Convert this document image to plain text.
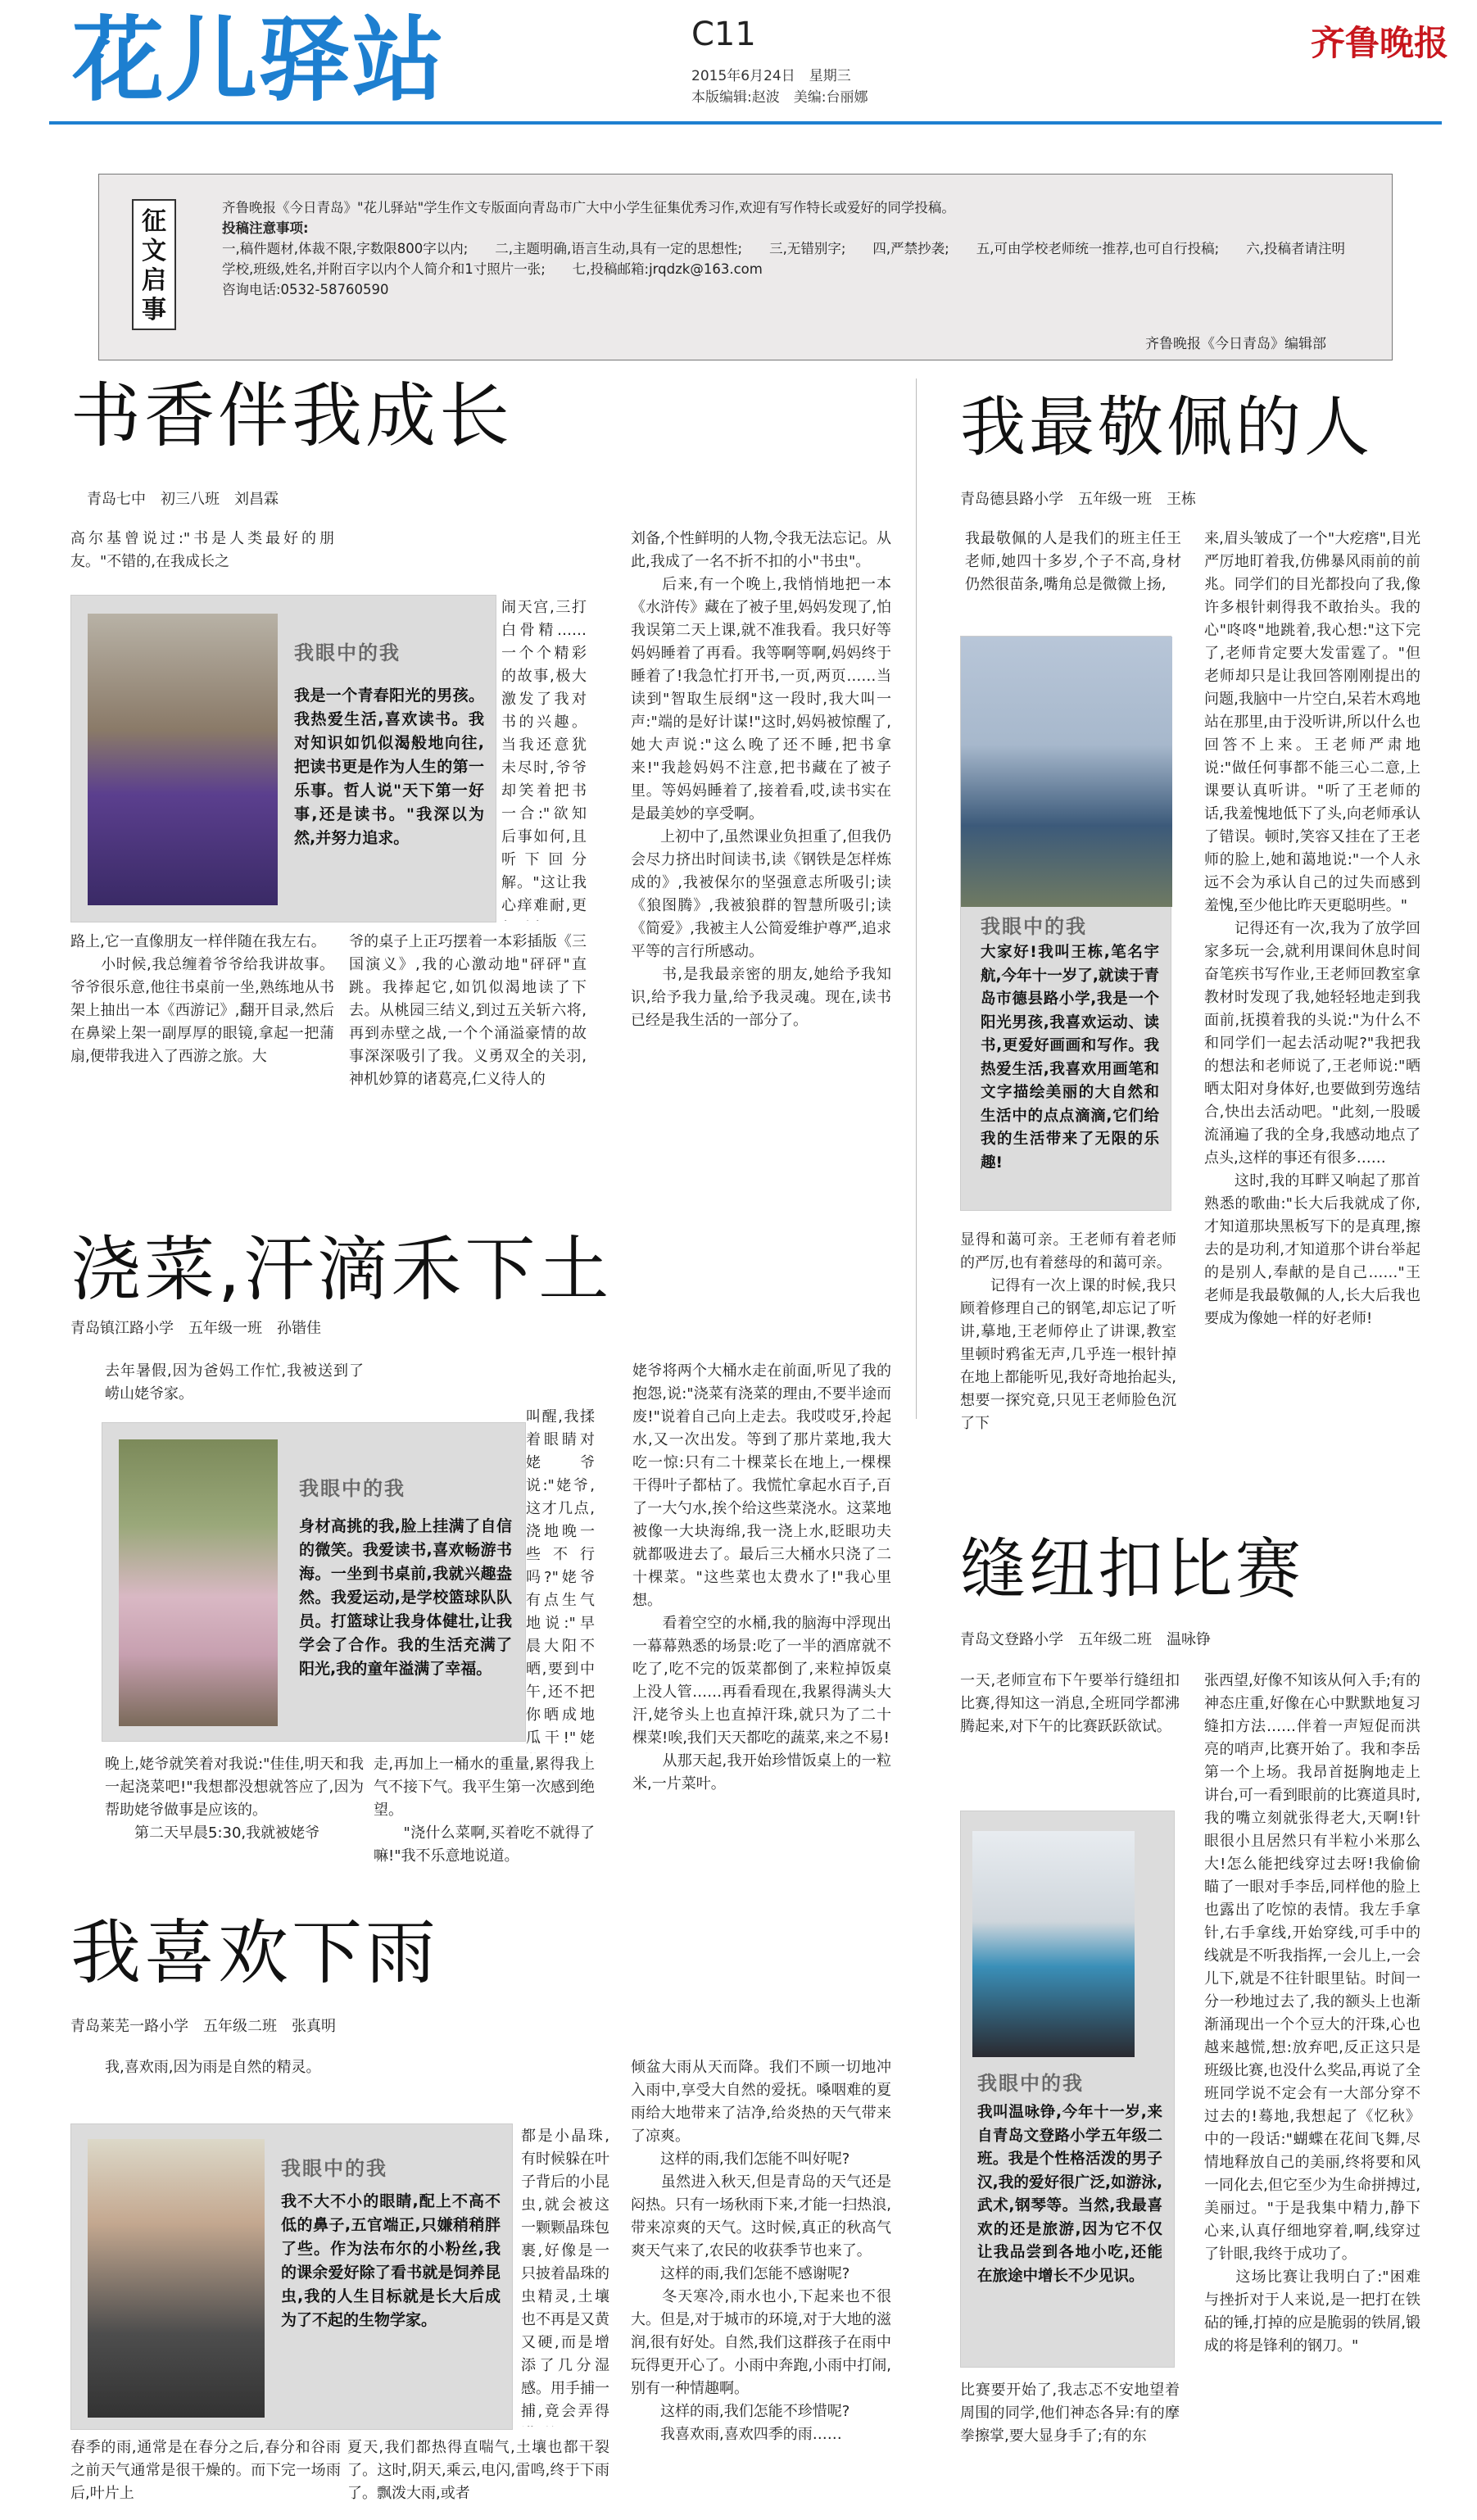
花儿驿站	C11
2015年6月24日　星期三
本版编辑:赵波　美编:台丽娜
齐鲁晚报
征文启事
齐鲁晚报《今日青岛》"花儿驿站"学生作文专版面向青岛市广大中小学生征集优秀习作,欢迎有写作特长或爱好的同学投稿。
投稿注意事项:
一,稿件题材,体裁不限,字数限800字以内;　　二,主题明确,语言生动,具有一定的思想性;　　三,无错别字;　　四,严禁抄袭;　　五,可由学校老师统一推荐,也可自行投稿;　　六,投稿者请注明学校,班级,姓名,并附百字以内个人简介和1寸照片一张;　　七,投稿邮箱:jrqdzk@163.com
咨询电话:0532-58760590
齐鲁晚报《今日青岛》编辑部
书香伴我成长
青岛七中　初三八班　刘昌霖
高尔基曾说过:"书是人类最好的朋友。"不错的,在我成长之
我眼中的我
我是一个青春阳光的男孩。我热爱生活,喜欢读书。我对知识如饥似渴般地向往,把读书更是作为人生的第一乐事。哲人说"天下第一好事,还是读书。"我深以为然,并努力追求。
路上,它一直像朋友一样伴随在我左右。
　　小时候,我总缠着爷爷给我讲故事。爷爷很乐意,他往书桌前一坐,熟练地从书架上抽出一本《西游记》,翻开目录,然后在鼻梁上架一副厚厚的眼镜,拿起一把蒲扇,便带我进入了西游之旅。大

闹天宫,三打白骨精……一个个精彩的故事,极大激发了我对书的兴趣。当我还意犹未尽时,爷爷却笑着把书一合:"欲知后事如何,且听下回分解。"这让我心痒难耐,更

爷的桌子上正巧摆着一本彩插版《三国演义》,我的心激动地"砰砰"直跳。我捧起它,如饥似渴地读了下去。从桃园三结义,到过五关斩六将,再到赤壁之战,一个个涌溢豪情的故事深深吸引了我。义勇双全的关羽,神机妙算的诸葛亮,仁义待人的
刘备,个性鲜明的人物,令我无法忘记。从此,我成了一名不折不扣的小"书虫"。
　　后来,有一个晚上,我悄悄地把一本《水浒传》藏在了被子里,妈妈发现了,怕我误第二天上课,就不准我看。我只好等妈妈睡着了再看。我等啊等啊,妈妈终于睡着了!我急忙打开书,一页,两页……当读到"智取生辰纲"这一段时,我大叫一声:"端的是好计谋!"这时,妈妈被惊醒了,她大声说:"这么晚了还不睡,把书拿来!"我趁妈妈不注意,把书藏在了被子里。等妈妈睡着了,接着看,哎,读书实在是最美妙的享受啊。
　　上初中了,虽然课业负担重了,但我仍会尽力挤出时间读书,读《钢铁是怎样炼成的》,我被保尔的坚强意志所吸引;读《狼图腾》,我被狼群的智慧所吸引;读《简爱》,我被主人公简爱维护尊严,追求平等的言行所感动。
　　书,是我最亲密的朋友,她给予我知识,给予我力量,给予我灵魂。现在,读书已经是我生活的一部分了。
浇菜,汗滴禾下土
青岛镇江路小学　五年级一班　孙锴佳
去年暑假,因为爸妈工作忙,我被送到了崂山姥爷家。
我眼中的我
身材高挑的我,脸上挂满了自信的微笑。我爱读书,喜欢畅游书海。一坐到书桌前,我就兴趣盎然。我爱运动,是学校篮球队队员。打篮球让我身体健壮,让我学会了合作。我的生活充满了阳光,我的童年溢满了幸福。
晚上,姥爷就笑着对我说:"佳佳,明天和我一起浇菜吧!"我想都没想就答应了,因为帮助姥爷做事是应该的。
　　第二天早晨5:30,我就被姥爷

叫醒,我揉着眼睛对姥爷说:"姥爷,这才几点,浇地晚一些不行吗?"姥爷有点生气地说:"早晨大阳不晒,要到中午,还不把你晒成地瓜干!"姥

走,再加上一桶水的重量,累得我上气不接下气。我平生第一次感到绝望。
　　"浇什么菜啊,买着吃不就得了嘛!"我不乐意地说道。
姥爷将两个大桶水走在前面,听见了我的抱怨,说:"浇菜有浇菜的理由,不要半途而废!"说着自己向上走去。我哎哎牙,拎起水,又一次出发。等到了那片菜地,我大吃一惊:只有二十棵菜长在地上,一棵棵干得叶子都枯了。我慌忙拿起水百子,百了一大勺水,挨个给这些菜浇水。这菜地被像一大块海绵,我一浇上水,眨眼功夫就都吸进去了。最后三大桶水只浇了二十棵菜。"这些菜也太费水了!"我心里想。
　　看着空空的水桶,我的脑海中浮现出一幕幕熟悉的场景:吃了一半的酒席就不吃了,吃不完的饭菜都倒了,来粒掉饭桌上没人管……再看看现在,我累得满头大汗,姥爷头上也直掉汗珠,就只为了二十棵菜!唉,我们天天都吃的蔬菜,来之不易!
　　从那天起,我开始珍惜饭桌上的一粒米,一片菜叶。
我喜欢下雨
青岛莱芜一路小学　五年级二班　张真明
我,喜欢雨,因为雨是自然的精灵。
我眼中的我
我不大不小的眼睛,配上不高不低的鼻子,五官端正,只嫌稍稍胖了些。作为法布尔的小粉丝,我的课余爱好除了看书就是饲养昆虫,我的人生目标就是长大后成为了不起的生物学家。
春季的雨,通常是在春分之后,春分和谷雨之前天气通常是很干燥的。而下完一场雨后,叶片上

都是小晶珠,有时候躲在叶子背后的小昆虫,就会被这一颗颗晶珠包裹,好像是一只披着晶珠的虫精灵,土壤也不再是又黄又硬,而是增添了几分湿感。用手捕一捕,竟会弄得

夏天,我们都热得直喘气,土壤也都干裂了。这时,阴天,乘云,电闪,雷鸣,终于下雨了。飘泼大雨,或者
倾盆大雨从天而降。我们不顾一切地冲入雨中,享受大自然的爱抚。嗓咽难的夏雨给大地带来了洁净,给炎热的天气带来了凉爽。
　　这样的雨,我们怎能不叫好呢?
　　虽然进入秋天,但是青岛的天气还是闷热。只有一场秋雨下来,才能一扫热浪,带来凉爽的天气。这时候,真正的秋高气爽天气来了,农民的收获季节也来了。
　　这样的雨,我们怎能不感谢呢?
　　冬天寒冷,雨水也小,下起来也不很大。但是,对于城市的环境,对于大地的滋润,很有好处。自然,我们这群孩子在雨中玩得更开心了。小雨中奔跑,小雨中打闹,别有一种情趣啊。
　　这样的雨,我们怎能不珍惜呢?
　　我喜欢雨,喜欢四季的雨……
我最敬佩的人
青岛德县路小学　五年级一班　王栋
我最敬佩的人是我们的班主任王老师,她四十多岁,个子不高,身材仍然很苗条,嘴角总是微微上扬,
我眼中的我
大家好!我叫王栋,笔名宇航,今年十一岁了,就读于青岛市德县路小学,我是一个阳光男孩,我喜欢运动、读书,更爱好画画和写作。我热爱生活,我喜欢用画笔和文字描绘美丽的大自然和生活中的点点滴滴,它们给我的生活带来了无限的乐趣!
显得和蔼可亲。王老师有着老师的严厉,也有着慈母的和蔼可亲。
　　记得有一次上课的时候,我只顾着修理自己的钢笔,却忘记了听讲,摹地,王老师停止了讲课,教室里顿时鸦雀无声,几乎连一根针掉在地上都能听见,我好奇地抬起头,想要一探究竟,只见王老师脸色沉了下
来,眉头皱成了一个"大疙瘩",目光严厉地盯着我,仿佛暴风雨前的前兆。同学们的目光都投向了我,像许多根针刺得我不敢抬头。我的心"咚咚"地跳着,我心想:"这下完了,老师肯定要大发雷霆了。"但老师却只是让我回答刚刚提出的问题,我脑中一片空白,呆若木鸡地站在那里,由于没听讲,所以什么也回答不上来。王老师严肃地说:"做任何事都不能三心二意,上课要认真听讲。"听了王老师的话,我羞愧地低下了头,向老师承认了错误。顿时,笑容又挂在了王老师的脸上,她和蔼地说:"一个人永远不会为承认自己的过失而感到羞愧,至少他比昨天更聪明些。"
　　记得还有一次,我为了放学回家多玩一会,就利用课间休息时间奋笔疾书写作业,王老师回教室拿教材时发现了我,她轻轻地走到我面前,抚摸着我的头说:"为什么不和同学们一起去活动呢?"我把我的想法和老师说了,王老师说:"晒晒太阳对身体好,也要做到劳逸结合,快出去活动吧。"此刻,一股暖流涌遍了我的全身,我感动地点了点头,这样的事还有很多……
　　这时,我的耳畔又响起了那首熟悉的歌曲:"长大后我就成了你,才知道那块黑板写下的是真理,擦去的是功利,才知道那个讲台举起的是别人,奉献的是自己……"王老师是我最敬佩的人,长大后我也要成为像她一样的好老师!
缝纽扣比赛
青岛文登路小学　五年级二班　温咏铮
一天,老师宣布下午要举行缝纽扣比赛,得知这一消息,全班同学都沸腾起来,对下午的比赛跃跃欲试。
我眼中的我
我叫温咏铮,今年十一岁,来自青岛文登路小学五年级二班。我是个性格活泼的男子汉,我的爱好很广泛,如游泳,武术,钢琴等。当然,我最喜欢的还是旅游,因为它不仅让我品尝到各地小吃,还能在旅途中增长不少见识。
比赛要开始了,我志忑不安地望着周围的同学,他们神态各异:有的摩拳擦掌,要大显身手了;有的东
张西望,好像不知该从何入手;有的神态庄重,好像在心中默默地复习缝扣方法……伴着一声短促而洪亮的哨声,比赛开始了。我和李岳第一个上场。我昂首挺胸地走上讲台,可一看到眼前的比赛道具时,我的嘴立刻就张得老大,天啊!针眼很小且居然只有半粒小米那么大!怎么能把线穿过去呀!我偷偷瞄了一眼对手李岳,同样他的脸上也露出了吃惊的表情。我左手拿针,右手拿线,开始穿线,可手中的线就是不听我指挥,一会儿上,一会儿下,就是不往针眼里钻。时间一分一秒地过去了,我的额头上也渐渐涌现出一个个豆大的汗珠,心也越来越慌,想:放弃吧,反正这只是班级比赛,也没什么奖品,再说了全班同学说不定会有一大部分穿不过去的!蓦地,我想起了《忆秋》中的一段话:"蝴蝶在花间飞舞,尽情地释放自己的美丽,终将要和风一同化去,但它至少为生命拼搏过,美丽过。"于是我集中精力,静下心来,认真仔细地穿着,啊,线穿过了针眼,我终于成功了。
　　这场比赛让我明白了:"困难与挫折对于人来说,是一把打在铁砧的锤,打掉的应是脆弱的铁屑,锻成的将是锋利的钢刀。"
